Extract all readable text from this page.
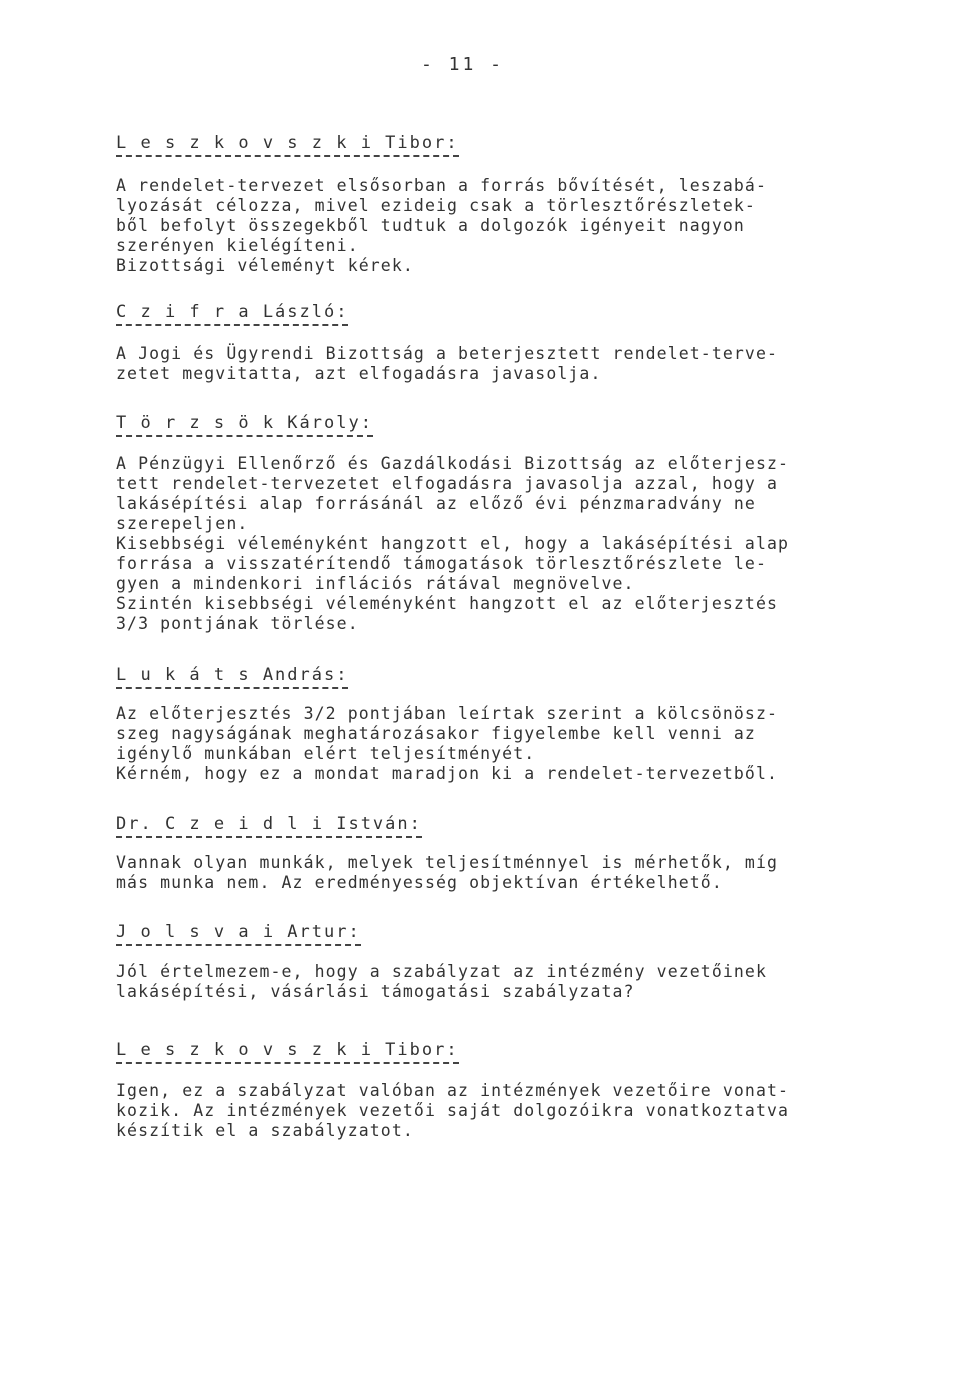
- 11 -
L e s z k o v s z k i Tibor:
A rendelet-tervezet elsősorban a forrás bővítését, leszabá-
lyozását célozza, mivel ezideig csak a törlesztőrészletek-
ből befolyt összegekből tudtuk a dolgozók igényeit nagyon
szerényen kielégíteni.
Bizottsági véleményt kérek.
C z i f r a László:
A Jogi és Ügyrendi Bizottság a beterjesztett rendelet-terve-
zetet megvitatta, azt elfogadásra javasolja.
T ö r z s ö k Károly:
A Pénzügyi Ellenőrző és Gazdálkodási Bizottság az előterjesz-
tett rendelet-tervezetet elfogadásra javasolja azzal, hogy a
lakásépítési alap forrásánál az előző évi pénzmaradvány ne
szerepeljen.
Kisebbségi véleményként hangzott el, hogy a lakásépítési alap
forrása a visszatérítendő támogatások törlesztőrészlete le-
gyen a mindenkori inflációs rátával megnövelve.
Szintén kisebbségi véleményként hangzott el az előterjesztés
3/3 pontjának törlése.
L u k á t s András:
Az előterjesztés 3/2 pontjában leírtak szerint a kölcsönösz-
szeg nagyságának meghatározásakor figyelembe kell venni az
igénylő munkában elért teljesítményét.
Kérném, hogy ez a mondat maradjon ki a rendelet-tervezetből.
Dr. C z e i d l i István:
Vannak olyan munkák, melyek teljesítménnyel is mérhetők, míg
más munka nem. Az eredményesség objektívan értékelhető.
J o l s v a i Artur:
Jól értelmezem-e, hogy a szabályzat az intézmény vezetőinek
lakásépítési, vásárlási támogatási szabályzata?
L e s z k o v s z k i Tibor:
Igen, ez a szabályzat valóban az intézmények vezetőire vonat-
kozik. Az intézmények vezetői saját dolgozóikra vonatkoztatva
készítik el a szabályzatot.
